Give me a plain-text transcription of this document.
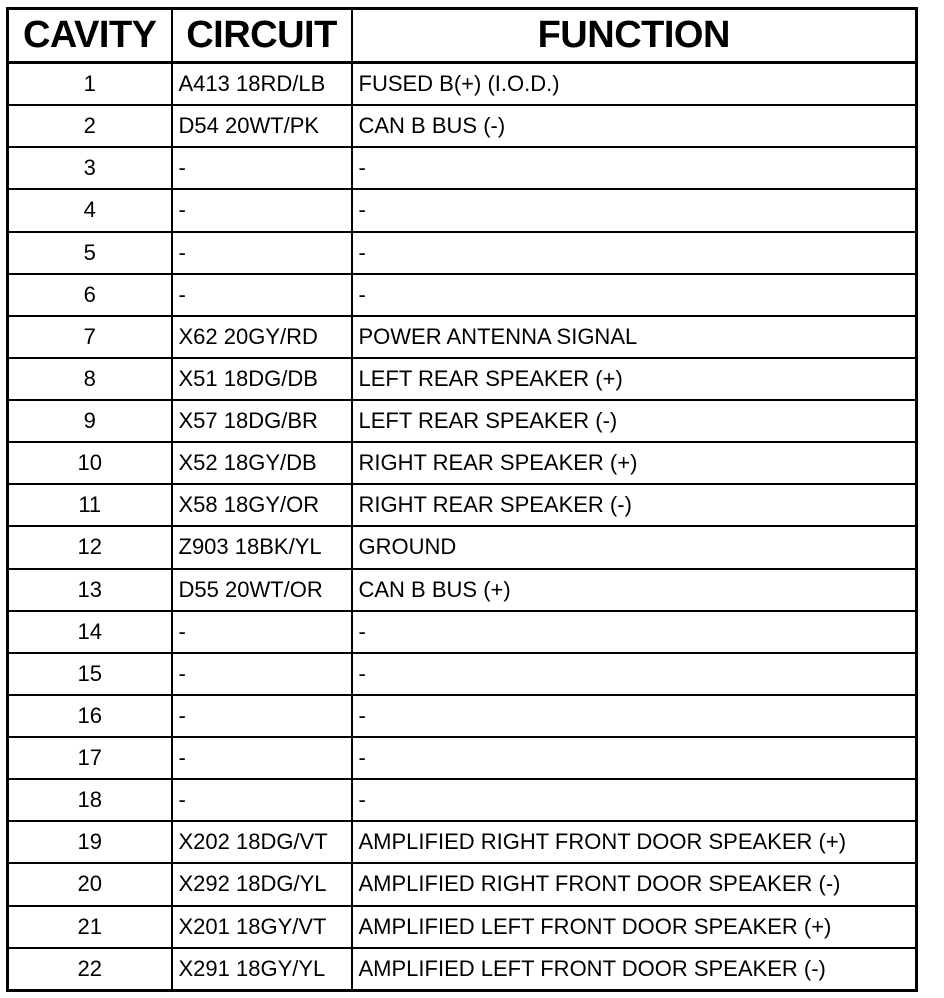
CAVITY	CIRCUIT	FUNCTION
1	A413 18RD/LB	FUSED B(+) (I.O.D.)
2	D54 20WT/PK	CAN B BUS (-)
3	-	-
4	-	-
5	-	-
6	-	-
7	X62 20GY/RD	POWER ANTENNA SIGNAL
8	X51 18DG/DB	LEFT REAR SPEAKER (+)
9	X57 18DG/BR	LEFT REAR SPEAKER (-)
10	X52 18GY/DB	RIGHT REAR SPEAKER (+)
11	X58 18GY/OR	RIGHT REAR SPEAKER (-)
12	Z903 18BK/YL	GROUND
13	D55 20WT/OR	CAN B BUS (+)
14	-	-
15	-	-
16	-	-
17	-	-
18	-	-
19	X202 18DG/VT	AMPLIFIED RIGHT FRONT DOOR SPEAKER (+)
20	X292 18DG/YL	AMPLIFIED RIGHT FRONT DOOR SPEAKER (-)
21	X201 18GY/VT	AMPLIFIED LEFT FRONT DOOR SPEAKER (+)
22	X291 18GY/YL	AMPLIFIED LEFT FRONT DOOR SPEAKER (-)
